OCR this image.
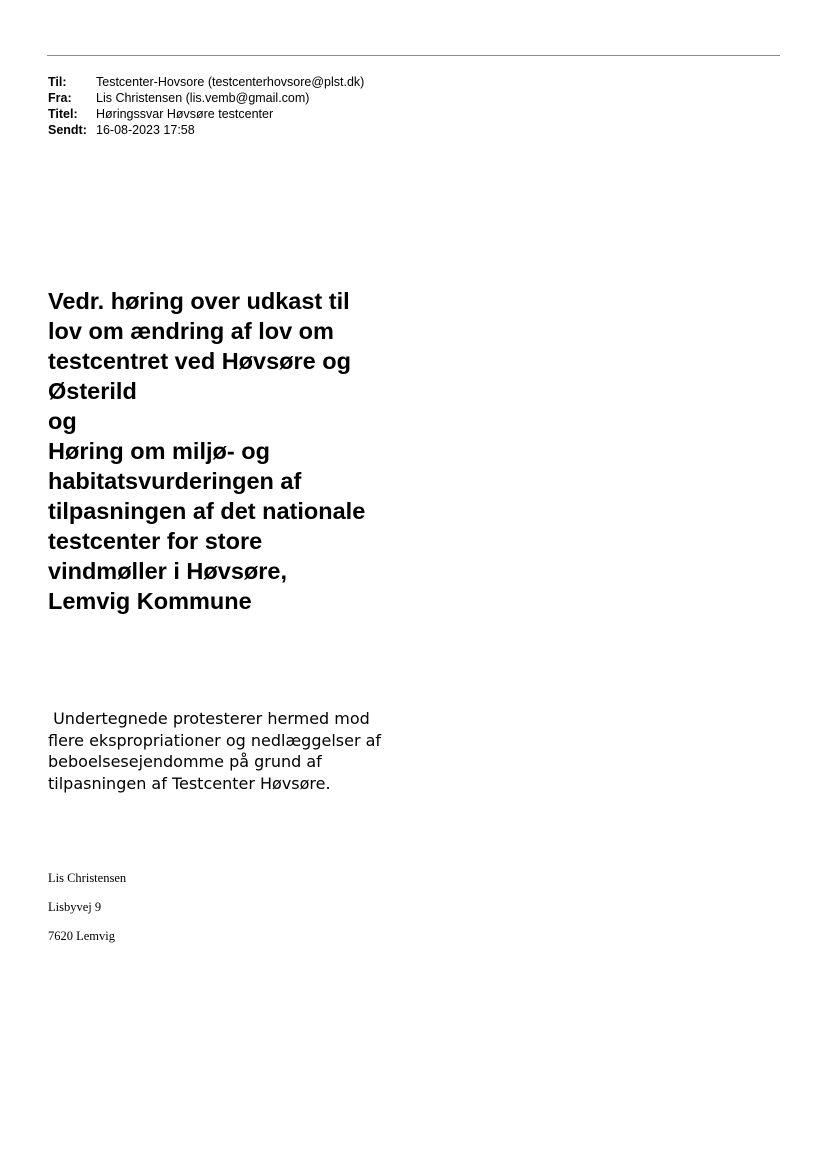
Til:	Testcenter-Hovsore (testcenterhovsore@plst.dk)
Fra:	Lis Christensen (lis.vemb@gmail.com)
Titel:	Høringssvar Høvsøre testcenter
Sendt: 16-08-2023 17:58
Vedr. høring over udkast til
lov om ændring af lov om
testcentret ved Høvsøre og
Østerild
og
Høring om miljø- og
habitatsvurderingen af
tilpasningen af det nationale
testcenter for store
vindmøller i Høvsøre,
Lemvig Kommune
Undertegnede protesterer hermed mod
flere ekspropriationer og nedlæggelser af
beboelsesejendomme på grund af
tilpasningen af Testcenter Høvsøre.
Lis Christensen
Lisbyvej 9
7620 Lemvig
